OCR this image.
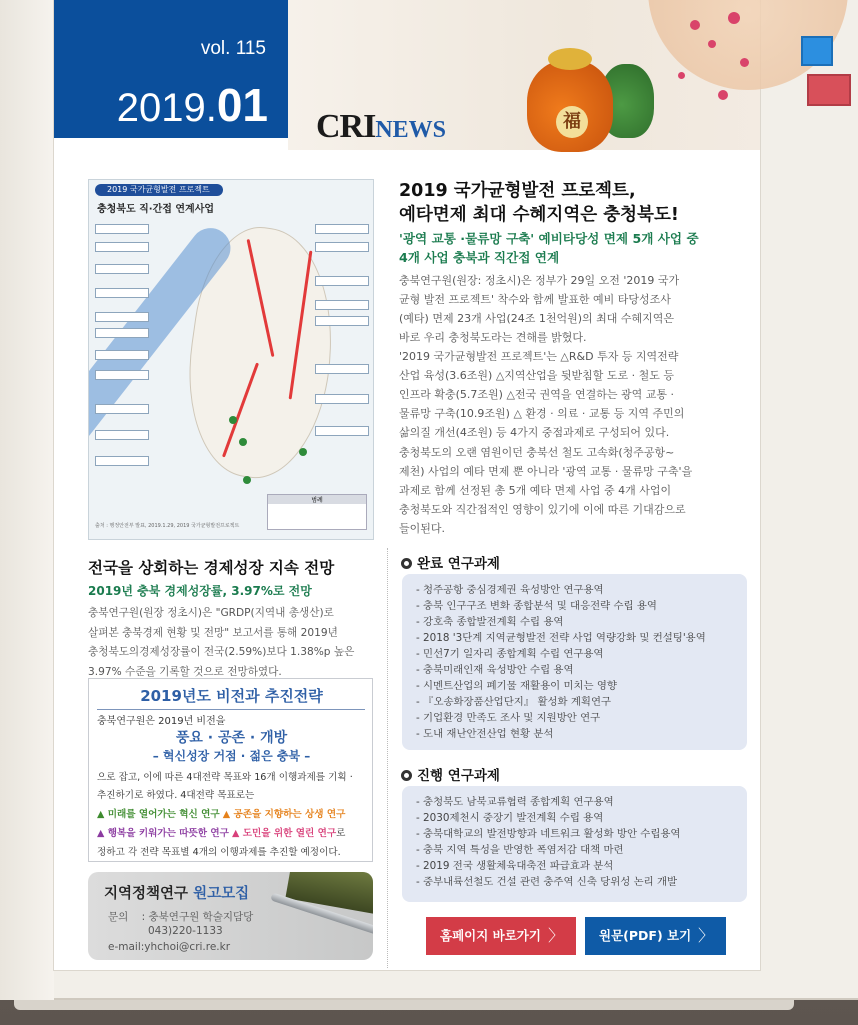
vol. 115
2019.01	福
CRINEWS
2019 국가균형발전 프로젝트
충청북도 직·간접 연계사업
범례
출처 : 행정안전부 발표, 2019.1.29, 2019 국가균형발전프로젝트
2019 국가균형발전 프로젝트,
예타면제 최대 수혜지역은 충청북도!
'광역 교통 ·물류망 구축' 예비타당성 면제 5개 사업 중
4개 사업 충북과 직간접 연계
충북연구원(원장: 정초시)은 정부가 29일 오전 '2019 국가
균형 발전 프로젝트' 착수와 함께 발표한 예비 타당성조사
(예타) 면제 23개 사업(24조 1천억원)의 최대 수혜지역은
바로 우리 충청북도라는 견해를 밝혔다.
'2019 국가균형발전 프로젝트'는 △R&D 투자 등 지역전략
산업 육성(3.6조원) △지역산업을 뒷받침할 도로 · 철도 등
인프라 확충(5.7조원) △전국 권역을 연결하는 광역 교통 ·
물류망 구축(10.9조원) △ 환경 · 의료 · 교통 등 지역 주민의
삶의질 개선(4조원) 등 4가지 중점과제로 구성되어 있다.
충청북도의 오랜 염원이던 충북선 철도 고속화(청주공항~
제천) 사업의 예타 면제 뿐 아니라 '광역 교통 · 물류망 구축'을
과제로 함께 선정된 총 5개 예타 면제 사업 중 4개 사업이
충청북도와 직간접적인 영향이 있기에 이에 따른 기대감으로
들이된다.
전국을 상회하는 경제성장 지속 전망
2019년 충북 경제성장률, 3.97%로 전망
충북연구원(원장 정초시)은 "GRDP(지역내 총생산)로
살펴본 충북경제 현황 및 전망" 보고서를 통해 2019년
충청북도의경제성장률이 전국(2.59%)보다 1.38%p 높은
3.97% 수준을 기록할 것으로 전망하였다.
2019년도 비전과 추진전략
충북연구원은 2019년 비전을
풍요 · 공존 · 개방
– 혁신성장 거점 · 젊은 충북 –
으로 잡고, 이에 따른 4대전략 목표와 16개 이행과제를 기획 ·
추진하기로 하였다. 4대전략 목표로는
▲ 미래를 열어가는 혁신 연구 ▲ 공존을 지향하는 상생 연구
▲ 행복을 키워가는 따뜻한 연구 ▲ 도민을 위한 열린 연구로
정하고 각 전략 목표별 4개의 이행과제를 추진할 예정이다.
지역정책연구 원고모집
문의 : 충북연구원 학술지담당
043)220-1133
e-mail:yhchoi@cri.re.kr
완료 연구과제
- 청주공항 중심경제권 육성방안 연구용역
- 충북 인구구조 변화 종합분석 및 대응전략 수립 용역
- 강호축 종합발전계획 수립 용역
- 2018 '3단계 지역균형발전 전략 사업 역량강화 및 컨설팅'용역
- 민선7기 일자리 종합계획 수립 연구용역
- 충북미래인재 육성방안 수립 용역
- 시멘트산업의 폐기물 재활용이 미치는 영향
- 『오송화장품산업단지』 활성화 계획연구
- 기업환경 만족도 조사 및 지원방안 연구
- 도내 재난안전산업 현황 분석
진행 연구과제
- 충청북도 남북교류협력 종합계획 연구용역
- 2030제천시 중장기 발전계획 수립 용역
- 충북대학교의 발전방향과 네트워크 활성화 방안 수립용역
- 충북 지역 특성을 반영한 폭염저감 대책 마련
- 2019 전국 생활체육대축전 파급효과 분석
- 중부내륙선철도 건설 관련 충주역 신축 당위성 논리 개발
홈페이지 바로가기 〉	원문(PDF) 보기 〉
